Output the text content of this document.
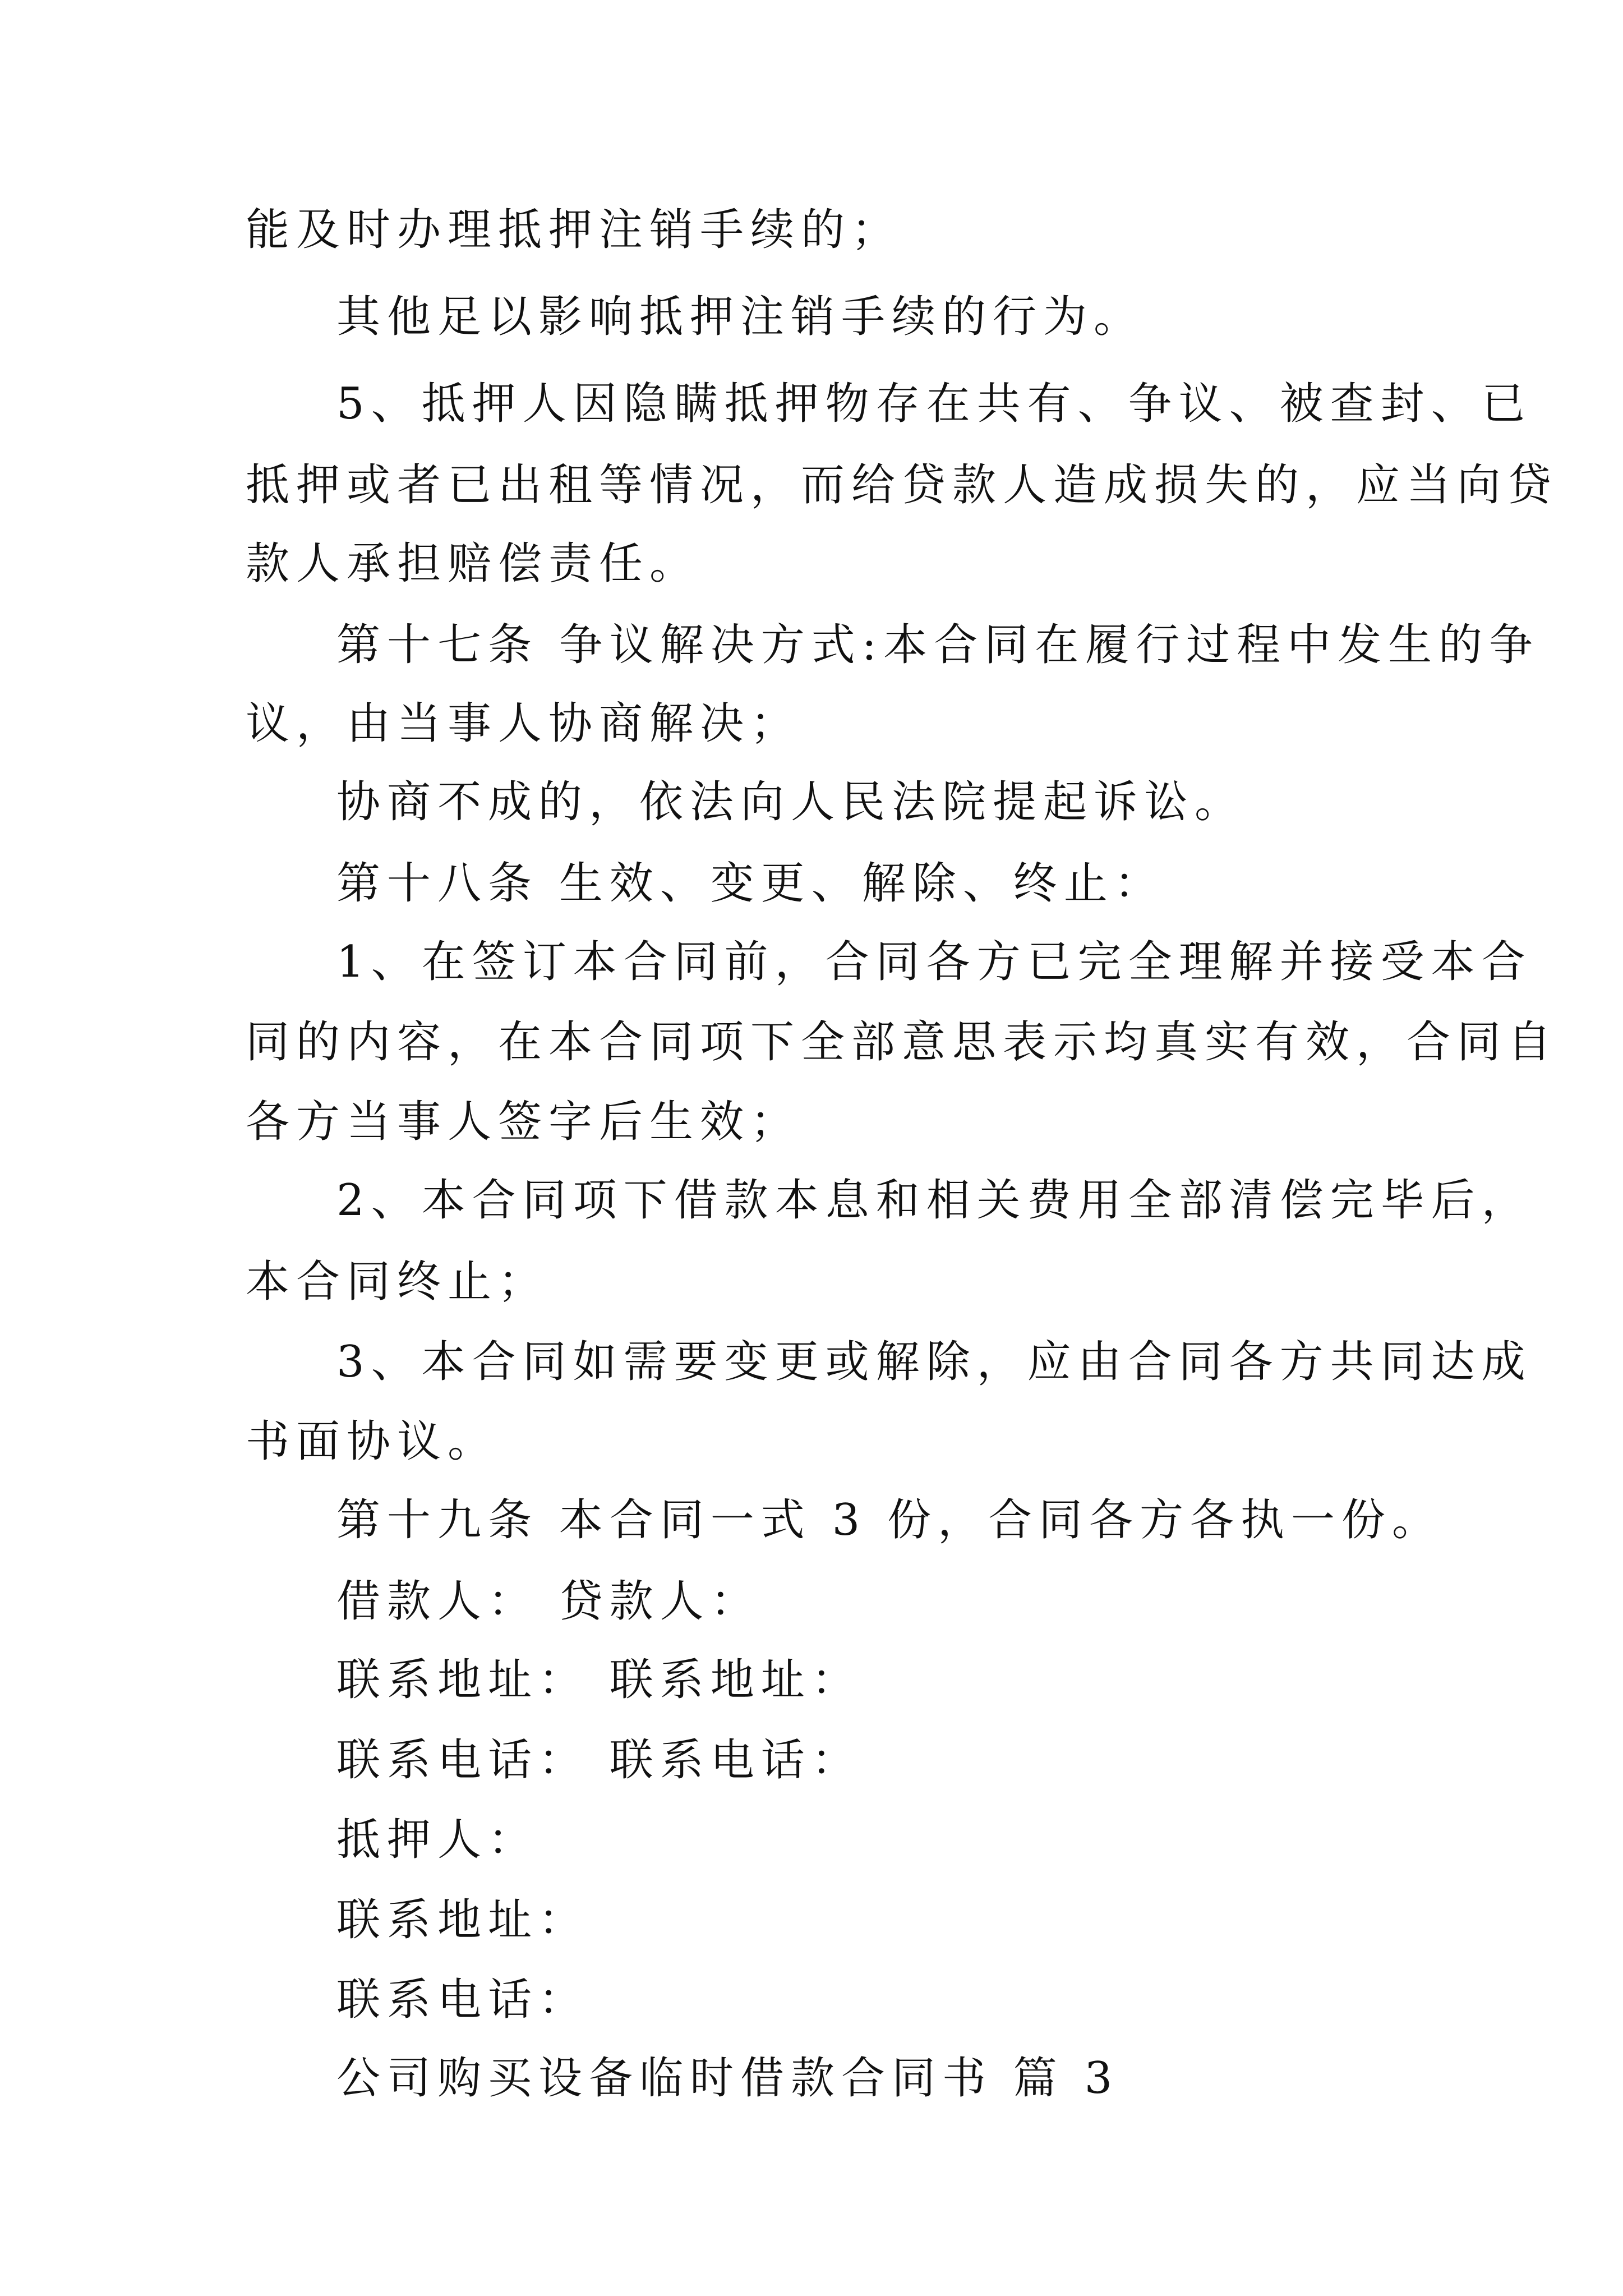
能及时办理抵押注销手续的；
其他足以影响抵押注销手续的行为。
5、抵押人因隐瞒抵押物存在共有、争议、被查封、已
抵押或者已出租等情况，而给贷款人造成损失的，应当向贷
款人承担赔偿责任。
第十七条 争议解决方式:本合同在履行过程中发生的争
议，由当事人协商解决；
协商不成的，依法向人民法院提起诉讼。
第十八条 生效、变更、解除、终止：
1、在签订本合同前，合同各方已完全理解并接受本合
同的内容，在本合同项下全部意思表示均真实有效，合同自
各方当事人签字后生效；
2、本合同项下借款本息和相关费用全部清偿完毕后，
本合同终止；
3、本合同如需要变更或解除，应由合同各方共同达成
书面协议。
第十九条 本合同一式 3 份，合同各方各执一份。
借款人： 贷款人：
联系地址： 联系地址：
联系电话： 联系电话：
抵押人：
联系地址：
联系电话：
公司购买设备临时借款合同书 篇 3
